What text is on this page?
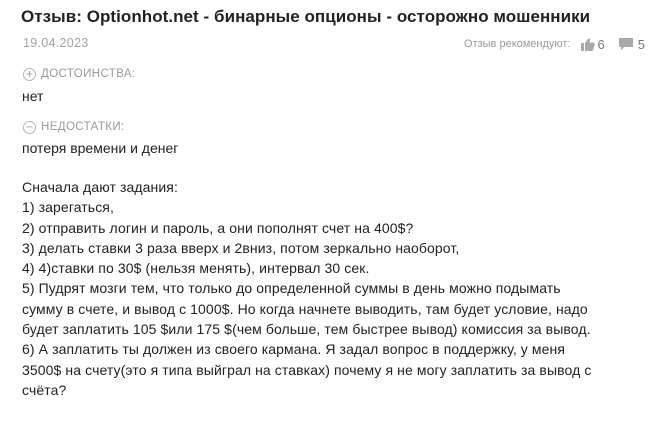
Отзыв: Optionhot.net - бинарные опционы - осторожно мошенники
19.04.2023	Отзыв рекомендуют: 6	5
+ ДОСТОИНСТВА:
нет
− НЕДОСТАТКИ:
потеря времени и денег
Сначала дают задания:
1) зарегаться,
2) отправить логин и пароль, а они пополнят счет на 400$?
3) делать ставки 3 раза вверх и 2вниз, потом зеркально наоборот,
4) 4)ставки по 30$ (нельзя менять), интервал 30 сек.
5) Пудрят мозги тем, что только до определенной суммы в день можно подымать
сумму в счете, и вывод с 1000$. Но когда начнете выводить, там будет условие, надо
будет заплатить 105 $или 175 $(чем больше, тем быстрее вывод) комиссия за вывод.
6) А заплатить ты должен из своего кармана. Я задал вопрос в поддержку, у меня
3500$ на счету(это я типа выйграл на ставках) почему я не могу заплатить за вывод с
счёта?
